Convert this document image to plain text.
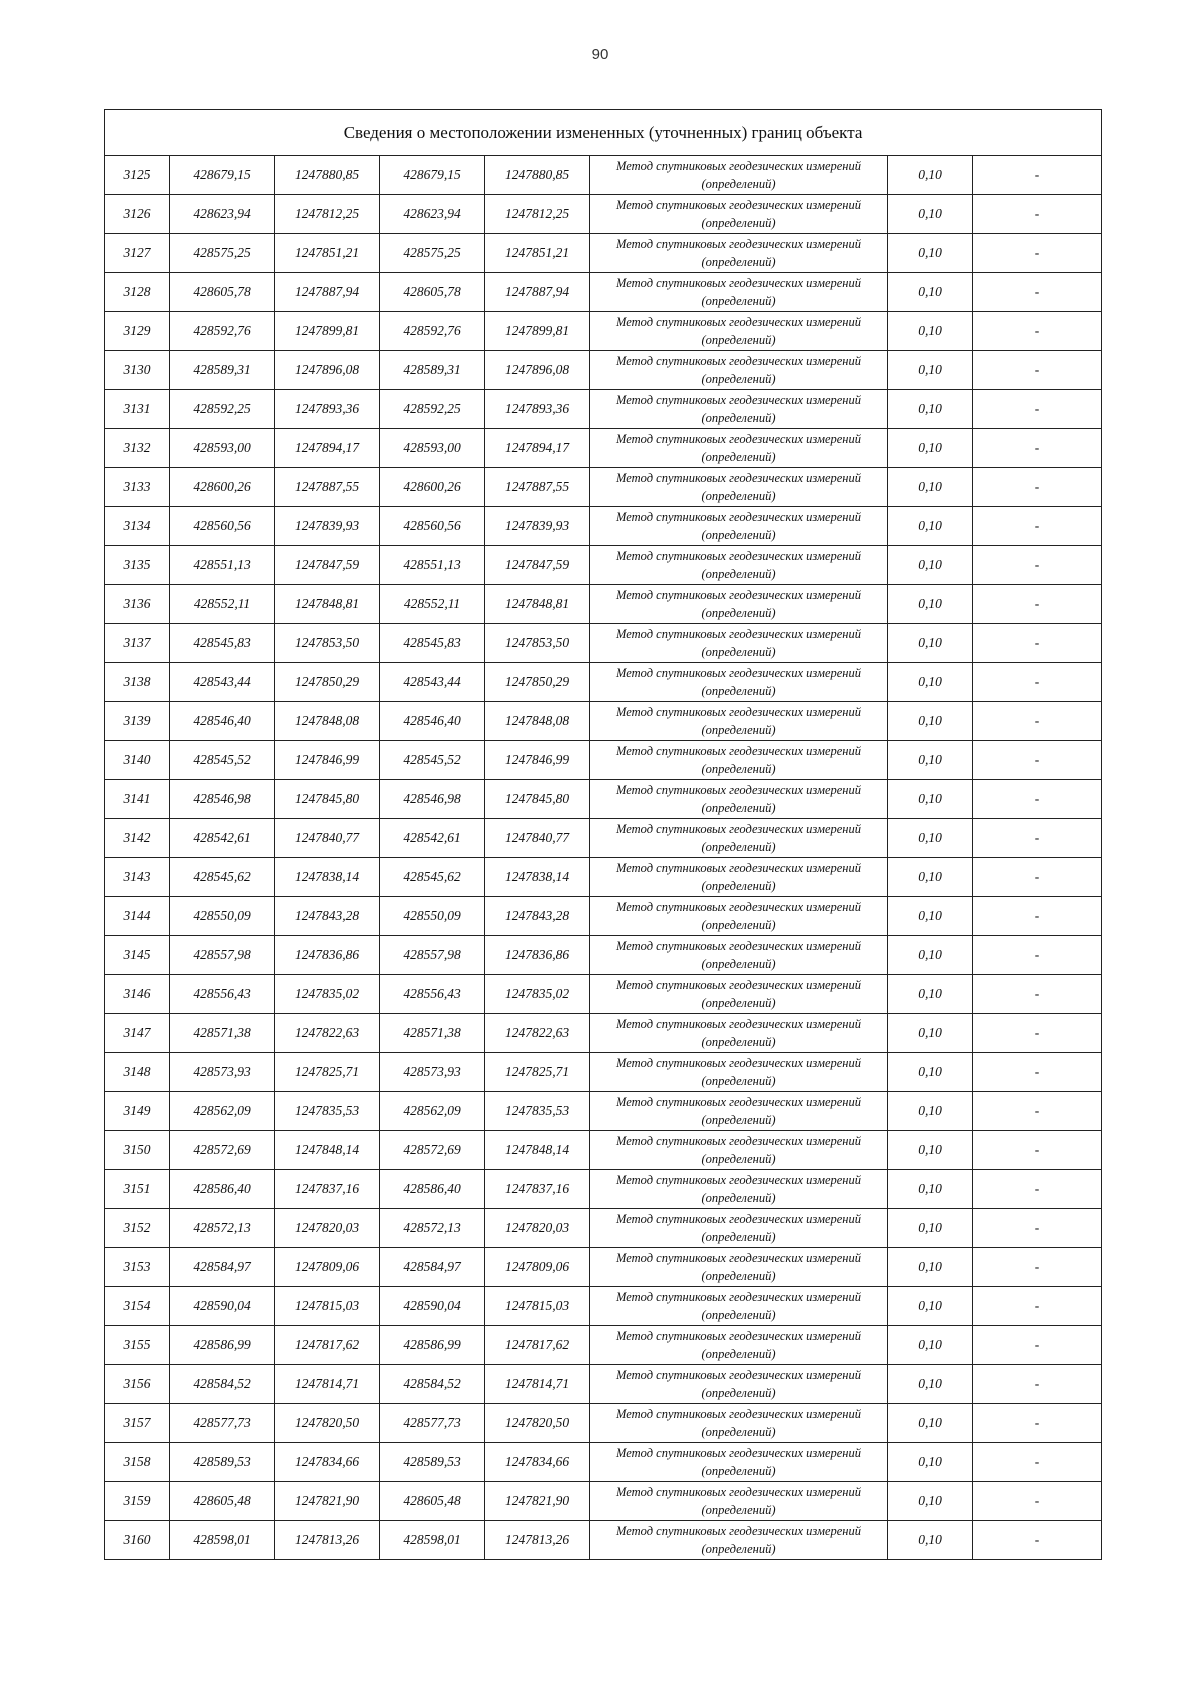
90
Сведения о местоположении измененных (уточненных) границ объекта							
3125	428679,15	1247880,85	428679,15	1247880,85	Метод спутниковых геодезических измерений (определений)	0,10	-
3126	428623,94	1247812,25	428623,94	1247812,25	Метод спутниковых геодезических измерений (определений)	0,10	-
3127	428575,25	1247851,21	428575,25	1247851,21	Метод спутниковых геодезических измерений (определений)	0,10	-
3128	428605,78	1247887,94	428605,78	1247887,94	Метод спутниковых геодезических измерений (определений)	0,10	-
3129	428592,76	1247899,81	428592,76	1247899,81	Метод спутниковых геодезических измерений (определений)	0,10	-
3130	428589,31	1247896,08	428589,31	1247896,08	Метод спутниковых геодезических измерений (определений)	0,10	-
3131	428592,25	1247893,36	428592,25	1247893,36	Метод спутниковых геодезических измерений (определений)	0,10	-
3132	428593,00	1247894,17	428593,00	1247894,17	Метод спутниковых геодезических измерений (определений)	0,10	-
3133	428600,26	1247887,55	428600,26	1247887,55	Метод спутниковых геодезических измерений (определений)	0,10	-
3134	428560,56	1247839,93	428560,56	1247839,93	Метод спутниковых геодезических измерений (определений)	0,10	-
3135	428551,13	1247847,59	428551,13	1247847,59	Метод спутниковых геодезических измерений (определений)	0,10	-
3136	428552,11	1247848,81	428552,11	1247848,81	Метод спутниковых геодезических измерений (определений)	0,10	-
3137	428545,83	1247853,50	428545,83	1247853,50	Метод спутниковых геодезических измерений (определений)	0,10	-
3138	428543,44	1247850,29	428543,44	1247850,29	Метод спутниковых геодезических измерений (определений)	0,10	-
3139	428546,40	1247848,08	428546,40	1247848,08	Метод спутниковых геодезических измерений (определений)	0,10	-
3140	428545,52	1247846,99	428545,52	1247846,99	Метод спутниковых геодезических измерений (определений)	0,10	-
3141	428546,98	1247845,80	428546,98	1247845,80	Метод спутниковых геодезических измерений (определений)	0,10	-
3142	428542,61	1247840,77	428542,61	1247840,77	Метод спутниковых геодезических измерений (определений)	0,10	-
3143	428545,62	1247838,14	428545,62	1247838,14	Метод спутниковых геодезических измерений (определений)	0,10	-
3144	428550,09	1247843,28	428550,09	1247843,28	Метод спутниковых геодезических измерений (определений)	0,10	-
3145	428557,98	1247836,86	428557,98	1247836,86	Метод спутниковых геодезических измерений (определений)	0,10	-
3146	428556,43	1247835,02	428556,43	1247835,02	Метод спутниковых геодезических измерений (определений)	0,10	-
3147	428571,38	1247822,63	428571,38	1247822,63	Метод спутниковых геодезических измерений (определений)	0,10	-
3148	428573,93	1247825,71	428573,93	1247825,71	Метод спутниковых геодезических измерений (определений)	0,10	-
3149	428562,09	1247835,53	428562,09	1247835,53	Метод спутниковых геодезических измерений (определений)	0,10	-
3150	428572,69	1247848,14	428572,69	1247848,14	Метод спутниковых геодезических измерений (определений)	0,10	-
3151	428586,40	1247837,16	428586,40	1247837,16	Метод спутниковых геодезических измерений (определений)	0,10	-
3152	428572,13	1247820,03	428572,13	1247820,03	Метод спутниковых геодезических измерений (определений)	0,10	-
3153	428584,97	1247809,06	428584,97	1247809,06	Метод спутниковых геодезических измерений (определений)	0,10	-
3154	428590,04	1247815,03	428590,04	1247815,03	Метод спутниковых геодезических измерений (определений)	0,10	-
3155	428586,99	1247817,62	428586,99	1247817,62	Метод спутниковых геодезических измерений (определений)	0,10	-
3156	428584,52	1247814,71	428584,52	1247814,71	Метод спутниковых геодезических измерений (определений)	0,10	-
3157	428577,73	1247820,50	428577,73	1247820,50	Метод спутниковых геодезических измерений (определений)	0,10	-
3158	428589,53	1247834,66	428589,53	1247834,66	Метод спутниковых геодезических измерений (определений)	0,10	-
3159	428605,48	1247821,90	428605,48	1247821,90	Метод спутниковых геодезических измерений (определений)	0,10	-
3160	428598,01	1247813,26	428598,01	1247813,26	Метод спутниковых геодезических измерений (определений)	0,10	-
